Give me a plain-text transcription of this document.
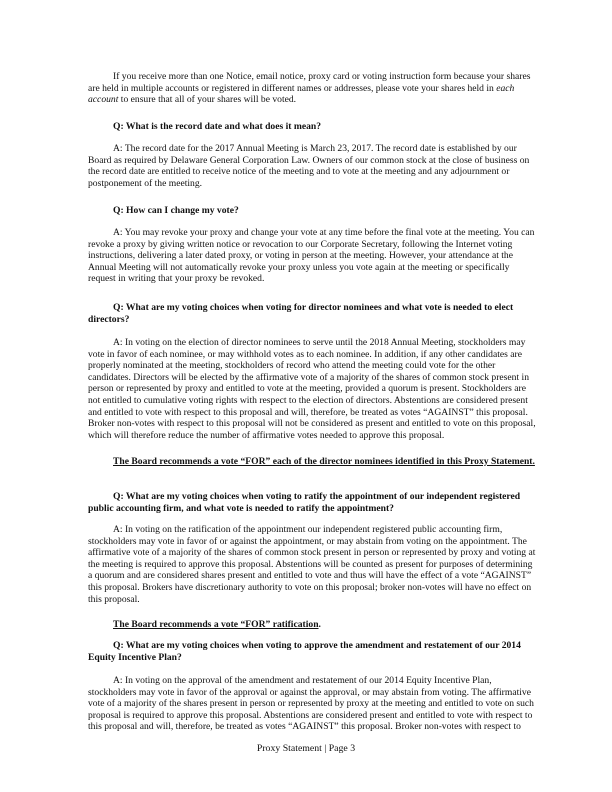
If you receive more than one Notice, email notice, proxy card or voting instruction form because your shares are held in multiple accounts or registered in different names or addresses, please vote your shares held in each account to ensure that all of your shares will be voted.

Q: What is the record date and what does it mean?

A: The record date for the 2017 Annual Meeting is March 23, 2017. The record date is established by our Board as required by Delaware General Corporation Law. Owners of our common stock at the close of business on the record date are entitled to receive notice of the meeting and to vote at the meeting and any adjournment or postponement of the meeting.

Q: How can I change my vote?

A: You may revoke your proxy and change your vote at any time before the final vote at the meeting. You can revoke a proxy by giving written notice or revocation to our Corporate Secretary, following the Internet voting instructions, delivering a later dated proxy, or voting in person at the meeting. However, your attendance at the Annual Meeting will not automatically revoke your proxy unless you vote again at the meeting or specifically request in writing that your proxy be revoked.

Q: What are my voting choices when voting for director nominees and what vote is needed to elect directors?

A: In voting on the election of director nominees to serve until the 2018 Annual Meeting, stockholders may vote in favor of each nominee, or may withhold votes as to each nominee. In addition, if any other candidates are properly nominated at the meeting, stockholders of record who attend the meeting could vote for the other candidates. Directors will be elected by the affirmative vote of a majority of the shares of common stock present in person or represented by proxy and entitled to vote at the meeting, provided a quorum is present. Stockholders are not entitled to cumulative voting rights with respect to the election of directors. Abstentions are considered present and entitled to vote with respect to this proposal and will, therefore, be treated as votes “AGAINST” this proposal. Broker non-votes with respect to this proposal will not be considered as present and entitled to vote on this proposal, which will therefore reduce the number of affirmative votes needed to approve this proposal.

The Board recommends a vote “FOR” each of the director nominees identified in this Proxy Statement.

Q: What are my voting choices when voting to ratify the appointment of our independent registered public accounting firm, and what vote is needed to ratify the appointment?

A: In voting on the ratification of the appointment our independent registered public accounting firm, stockholders may vote in favor of or against the appointment, or may abstain from voting on the appointment. The affirmative vote of a majority of the shares of common stock present in person or represented by proxy and voting at the meeting is required to approve this proposal. Abstentions will be counted as present for purposes of determining a quorum and are considered shares present and entitled to vote and thus will have the effect of a vote “AGAINST” this proposal. Brokers have discretionary authority to vote on this proposal; broker non-votes will have no effect on this proposal.

The Board recommends a vote “FOR” ratification.

Q: What are my voting choices when voting to approve the amendment and restatement of our 2014 Equity Incentive Plan?

A: In voting on the approval of the amendment and restatement of our 2014 Equity Incentive Plan, stockholders may vote in favor of the approval or against the approval, or may abstain from voting. The affirmative vote of a majority of the shares present in person or represented by proxy at the meeting and entitled to vote on such proposal is required to approve this proposal. Abstentions are considered present and entitled to vote with respect to this proposal and will, therefore, be treated as votes “AGAINST” this proposal. Broker non-votes with respect to

Proxy Statement | Page 3
